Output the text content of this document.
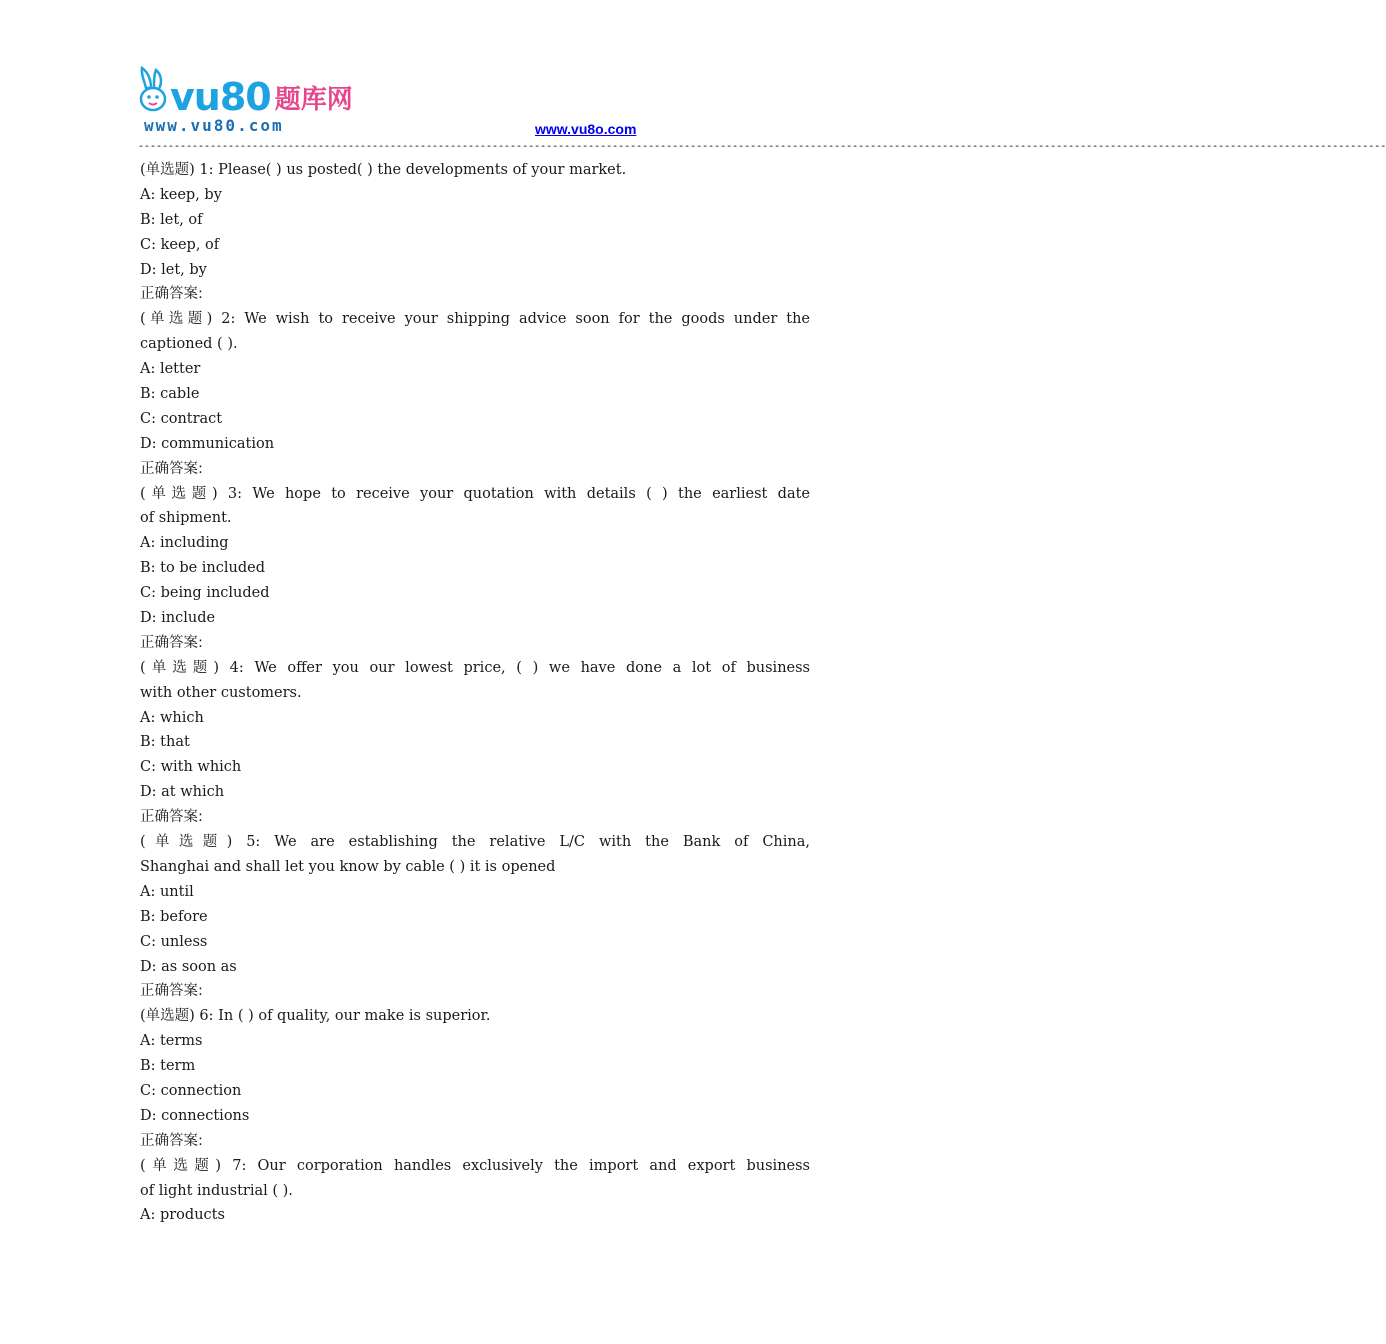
vu80 题库网
www.vu80.com	www.vu8o.com
----------------------------------------------------------------------------------------------------------------------------------------------------------------------------------------------------------------
(单选题) 1: Please( ) us posted( ) the developments of your market.
A: keep, by
B: let, of
C: keep, of
D: let, by
正确答案:
(单选题) 2: We wish to receive your shipping advice soon for the goods under the
captioned ( ).
A: letter
B: cable
C: contract
D: communication
正确答案:
(单选题) 3: We hope to receive your quotation with details ( ) the earliest date
of shipment.
A: including
B: to be included
C: being included
D: include
正确答案:
(单选题) 4: We offer you our lowest price, ( ) we have done a lot of business
with other customers.
A: which
B: that
C: with which
D: at which
正确答案:
(单选题) 5: We are establishing the relative L/C with the Bank of China,
Shanghai and shall let you know by cable ( ) it is opened
A: until
B: before
C: unless
D: as soon as
正确答案:
(单选题) 6: In ( ) of quality, our make is superior.
A: terms
B: term
C: connection
D: connections
正确答案:
(单选题) 7: Our corporation handles exclusively the import and export business
of light industrial ( ).
A: products
